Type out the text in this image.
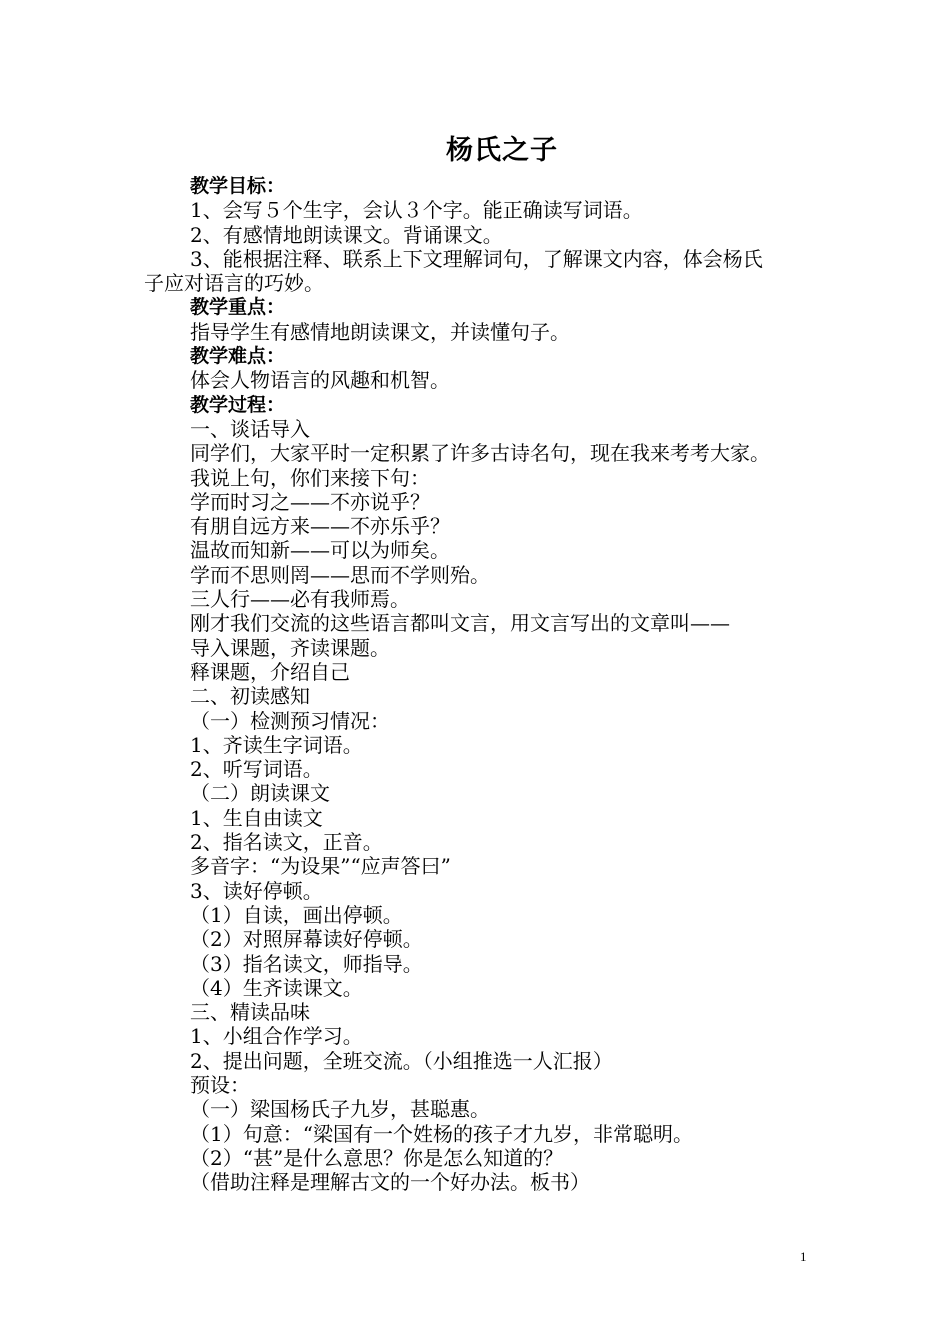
杨氏之子
教学目标：
1、会写５个生字，会认３个字。能正确读写词语。
2、有感情地朗读课文。背诵课文。
3、能根据注释、联系上下文理解词句，了解课文内容，体会杨氏
子应对语言的巧妙。
教学重点：
指导学生有感情地朗读课文，并读懂句子。
教学难点：
体会人物语言的风趣和机智。
教学过程：
一、谈话导入
同学们，大家平时一定积累了许多古诗名句，现在我来考考大家。
我说上句，你们来接下句：
学而时习之——不亦说乎？
有朋自远方来——不亦乐乎？
温故而知新——可以为师矣。
学而不思则罔——思而不学则殆。
三人行——必有我师焉。
刚才我们交流的这些语言都叫文言，用文言写出的文章叫——
导入课题，齐读课题。
释课题，介绍自己
二、初读感知
（一）检测预习情况：
1、齐读生字词语。
2、听写词语。
（二）朗读课文
1、生自由读文
2、指名读文，正音。
多音字：“为设果”“应声答曰”
3、读好停顿。
（1）自读，画出停顿。
（2）对照屏幕读好停顿。
（3）指名读文，师指导。
（4）生齐读课文。
三、精读品味
1、小组合作学习。
2、提出问题，全班交流。（小组推选一人汇报）
预设：
（一）梁国杨氏子九岁，甚聪惠。
（1）句意：“梁国有一个姓杨的孩子才九岁，非常聪明。
（2）“甚”是什么意思？你是怎么知道的？
（借助注释是理解古文的一个好办法。板书）
1
